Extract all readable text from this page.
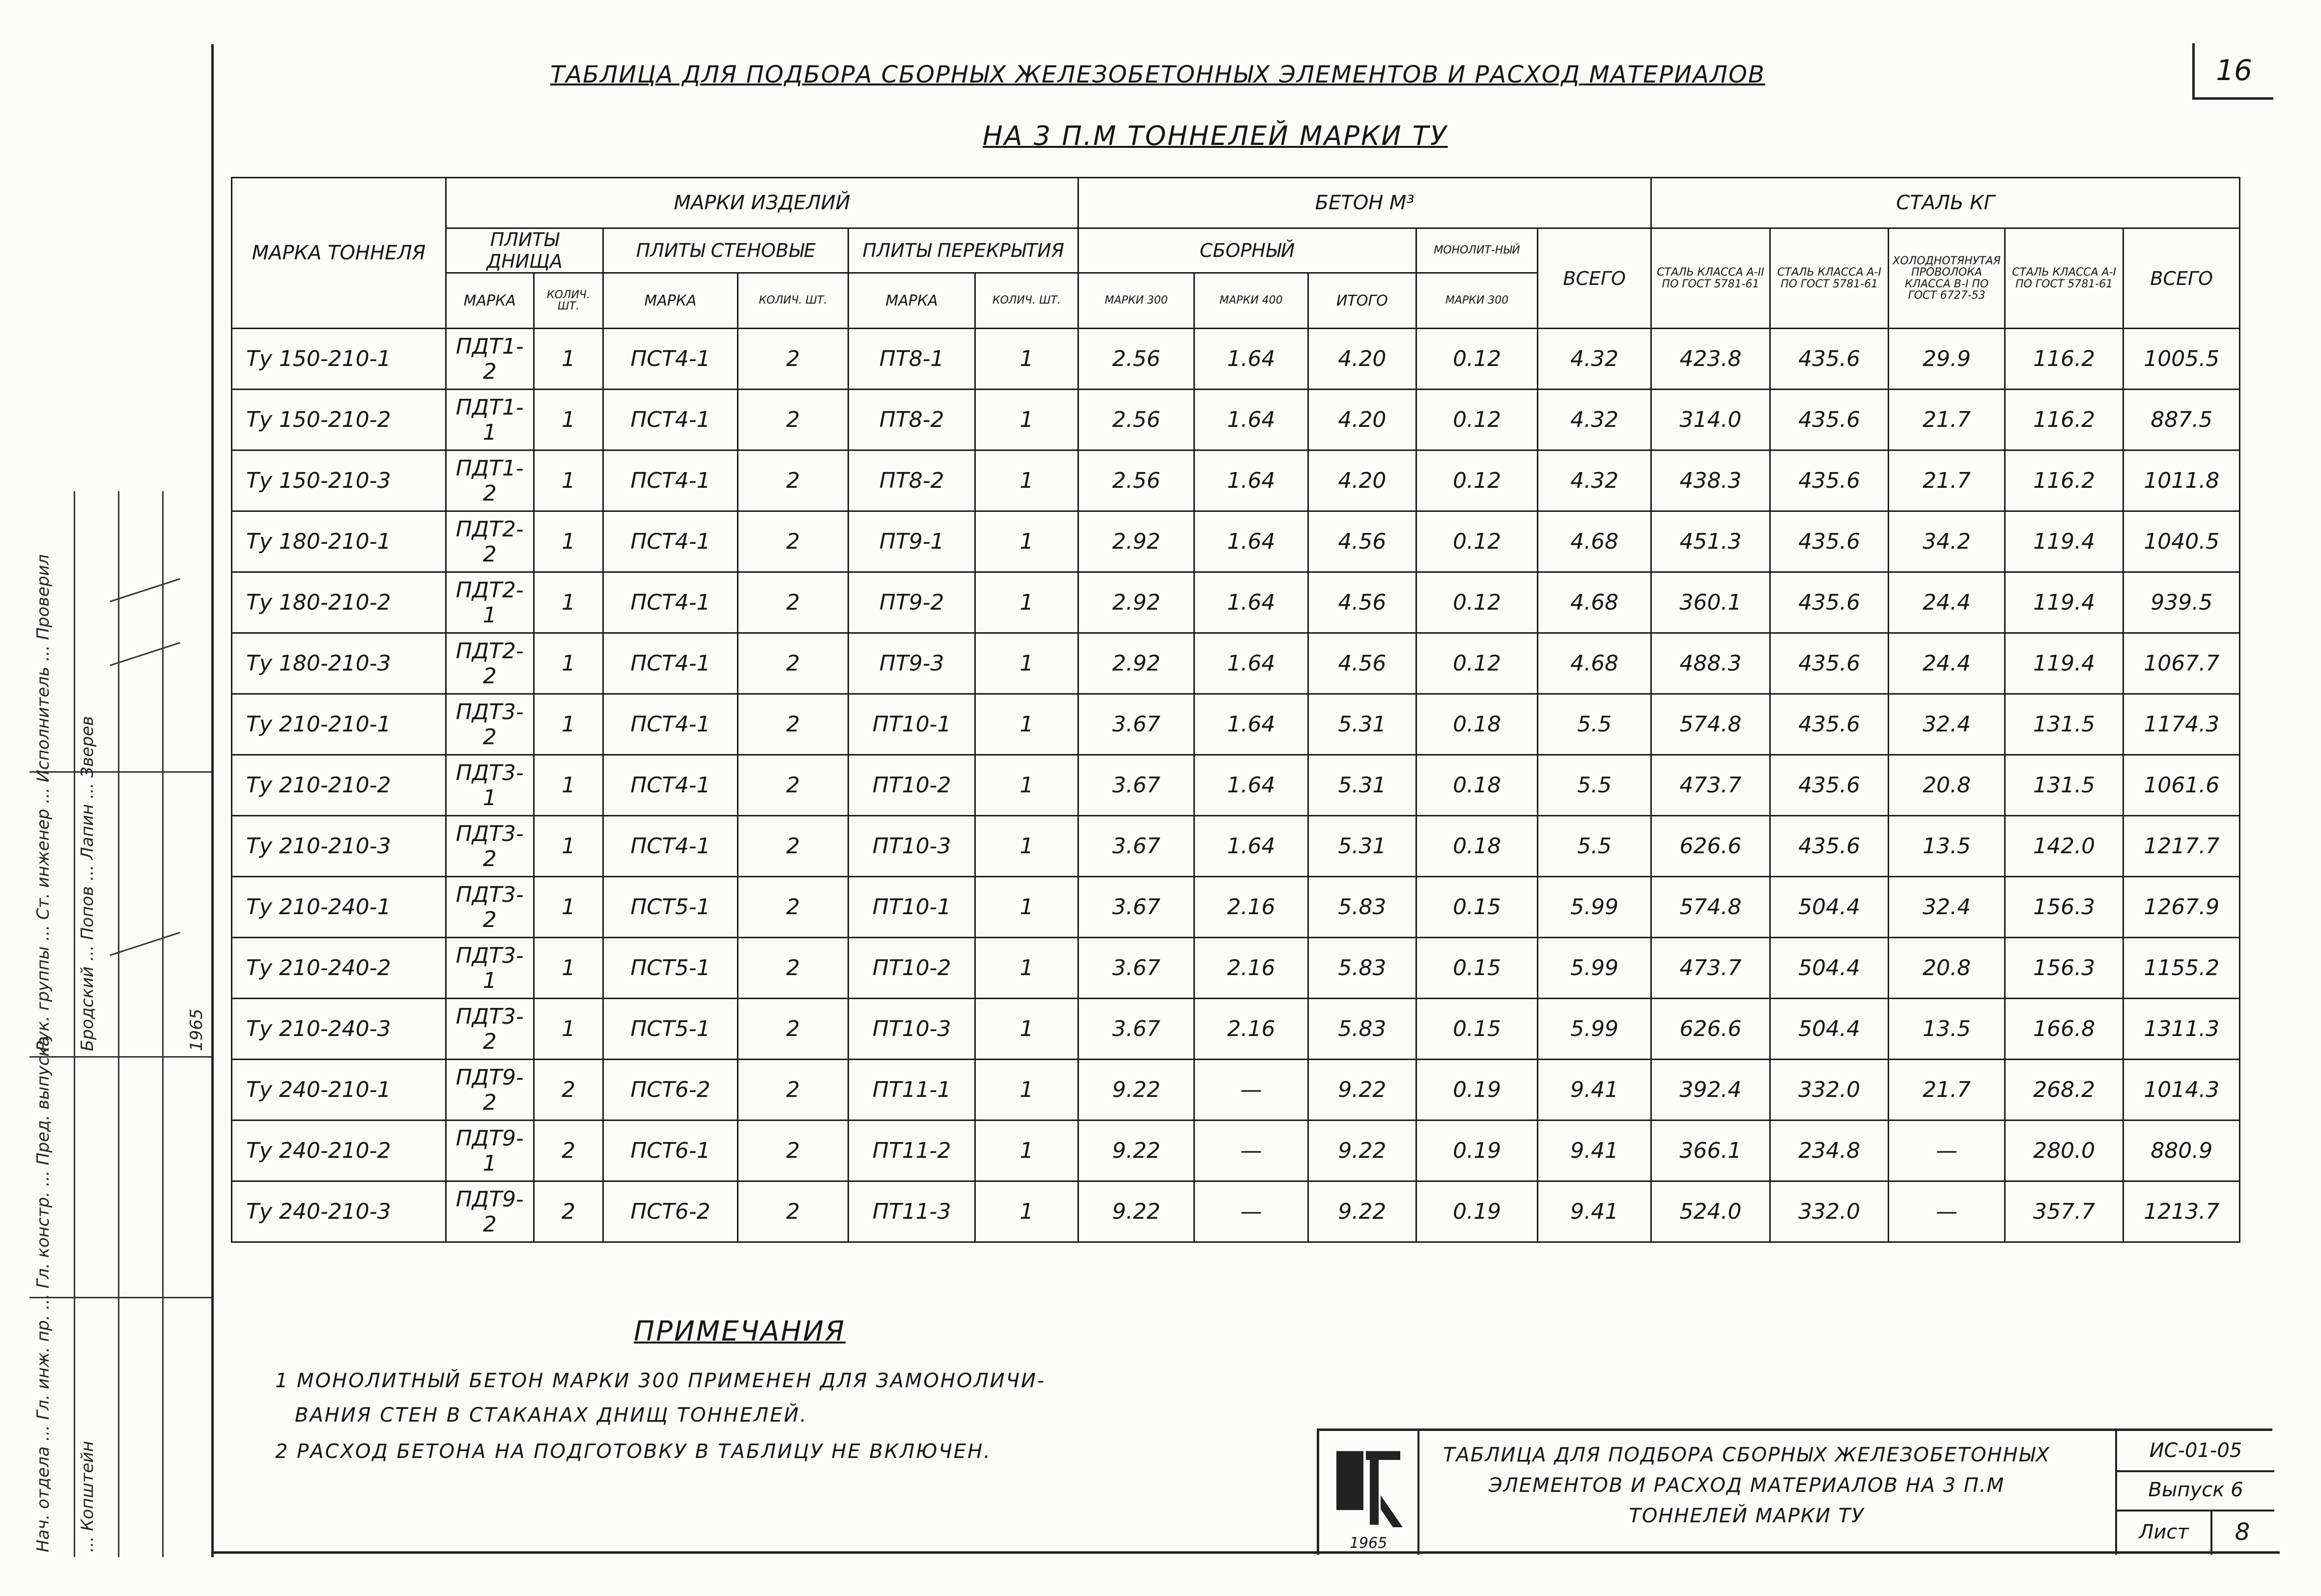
16
ТАБЛИЦА ДЛЯ ПОДБОРА СБОРНЫХ ЖЕЛЕЗОБЕТОННЫХ ЭЛЕМЕНТОВ И РАСХОД МАТЕРИАЛОВ
НА 3 П.М ТОННЕЛЕЙ МАРКИ ТУ
МАРКА ТОННЕЛЯ	МАРКИ ИЗДЕЛИЙ						БЕТОН М³					СТАЛЬ КГ				
	ПЛИТЫ ДНИЩА		ПЛИТЫ СТЕНОВЫЕ		ПЛИТЫ ПЕРЕКРЫТИЯ		СБОРНЫЙ			МОНОЛИТ-НЫЙ	ВСЕГО	СТАЛЬ КЛАССА А-II ПО ГОСТ 5781-61	СТАЛЬ КЛАССА А-I ПО ГОСТ 5781-61	ХОЛОДНОТЯНУТАЯ ПРОВОЛОКА КЛАССА В-I ПО ГОСТ 6727-53	СТАЛЬ КЛАССА А-I ПО ГОСТ 5781-61	ВСЕГО
	МАРКА	КОЛИЧ. ШТ.	МАРКА	КОЛИЧ. ШТ.	МАРКА	КОЛИЧ. ШТ.	МАРКИ 300	МАРКИ 400	ИТОГО	МАРКИ 300						
Ту 150-210-1	ПДТ1-2	1	ПСТ4-1	2	ПТ8-1	1	2.56	1.64	4.20	0.12	4.32	423.8	435.6	29.9	116.2	1005.5
Ту 150-210-2	ПДТ1-1	1	ПСТ4-1	2	ПТ8-2	1	2.56	1.64	4.20	0.12	4.32	314.0	435.6	21.7	116.2	887.5
Ту 150-210-3	ПДТ1-2	1	ПСТ4-1	2	ПТ8-2	1	2.56	1.64	4.20	0.12	4.32	438.3	435.6	21.7	116.2	1011.8
Ту 180-210-1	ПДТ2-2	1	ПСТ4-1	2	ПТ9-1	1	2.92	1.64	4.56	0.12	4.68	451.3	435.6	34.2	119.4	1040.5
Ту 180-210-2	ПДТ2-1	1	ПСТ4-1	2	ПТ9-2	1	2.92	1.64	4.56	0.12	4.68	360.1	435.6	24.4	119.4	939.5
Ту 180-210-3	ПДТ2-2	1	ПСТ4-1	2	ПТ9-3	1	2.92	1.64	4.56	0.12	4.68	488.3	435.6	24.4	119.4	1067.7
Ту 210-210-1	ПДТ3-2	1	ПСТ4-1	2	ПТ10-1	1	3.67	1.64	5.31	0.18	5.5	574.8	435.6	32.4	131.5	1174.3
Ту 210-210-2	ПДТ3-1	1	ПСТ4-1	2	ПТ10-2	1	3.67	1.64	5.31	0.18	5.5	473.7	435.6	20.8	131.5	1061.6
Ту 210-210-3	ПДТ3-2	1	ПСТ4-1	2	ПТ10-3	1	3.67	1.64	5.31	0.18	5.5	626.6	435.6	13.5	142.0	1217.7
Ту 210-240-1	ПДТ3-2	1	ПСТ5-1	2	ПТ10-1	1	3.67	2.16	5.83	0.15	5.99	574.8	504.4	32.4	156.3	1267.9
Ту 210-240-2	ПДТ3-1	1	ПСТ5-1	2	ПТ10-2	1	3.67	2.16	5.83	0.15	5.99	473.7	504.4	20.8	156.3	1155.2
Ту 210-240-3	ПДТ3-2	1	ПСТ5-1	2	ПТ10-3	1	3.67	2.16	5.83	0.15	5.99	626.6	504.4	13.5	166.8	1311.3
Ту 240-210-1	ПДТ9-2	2	ПСТ6-2	2	ПТ11-1	1	9.22	—	9.22	0.19	9.41	392.4	332.0	21.7	268.2	1014.3
Ту 240-210-2	ПДТ9-1	2	ПСТ6-1	2	ПТ11-2	1	9.22	—	9.22	0.19	9.41	366.1	234.8	—	280.0	880.9
Ту 240-210-3	ПДТ9-2	2	ПСТ6-2	2	ПТ11-3	1	9.22	—	9.22	0.19	9.41	524.0	332.0	—	357.7	1213.7
ПРИМЕЧАНИЯ
1 МОНОЛИТНЫЙ БЕТОН МАРКИ 300 ПРИМЕНЕН ДЛЯ ЗАМОНОЛИЧИ-
ВАНИЯ СТЕН В СТАКАНАХ ДНИЩ ТОННЕЛЕЙ.
2 РАСХОД БЕТОНА НА ПОДГОТОВКУ В ТАБЛИЦУ НЕ ВКЛЮЧЕН.
1965
ТАБЛИЦА ДЛЯ ПОДБОРА СБОРНЫХ ЖЕЛЕЗОБЕТОННЫХ
ЭЛЕМЕНТОВ И РАСХОД МАТЕРИАЛОВ НА 3 П.М
ТОННЕЛЕЙ МАРКИ ТУ
ИС-01-05
Выпуск 6
Лист	8
Нач. отдела ... Гл. инж. пр. ... Гл. констр. ... Пред. выпуска ... Копштейн
Рук. группы ... Ст. инженер ... Исполнитель ... Проверил Бродский ... Попов ... Лапин ... Зверев	1965
